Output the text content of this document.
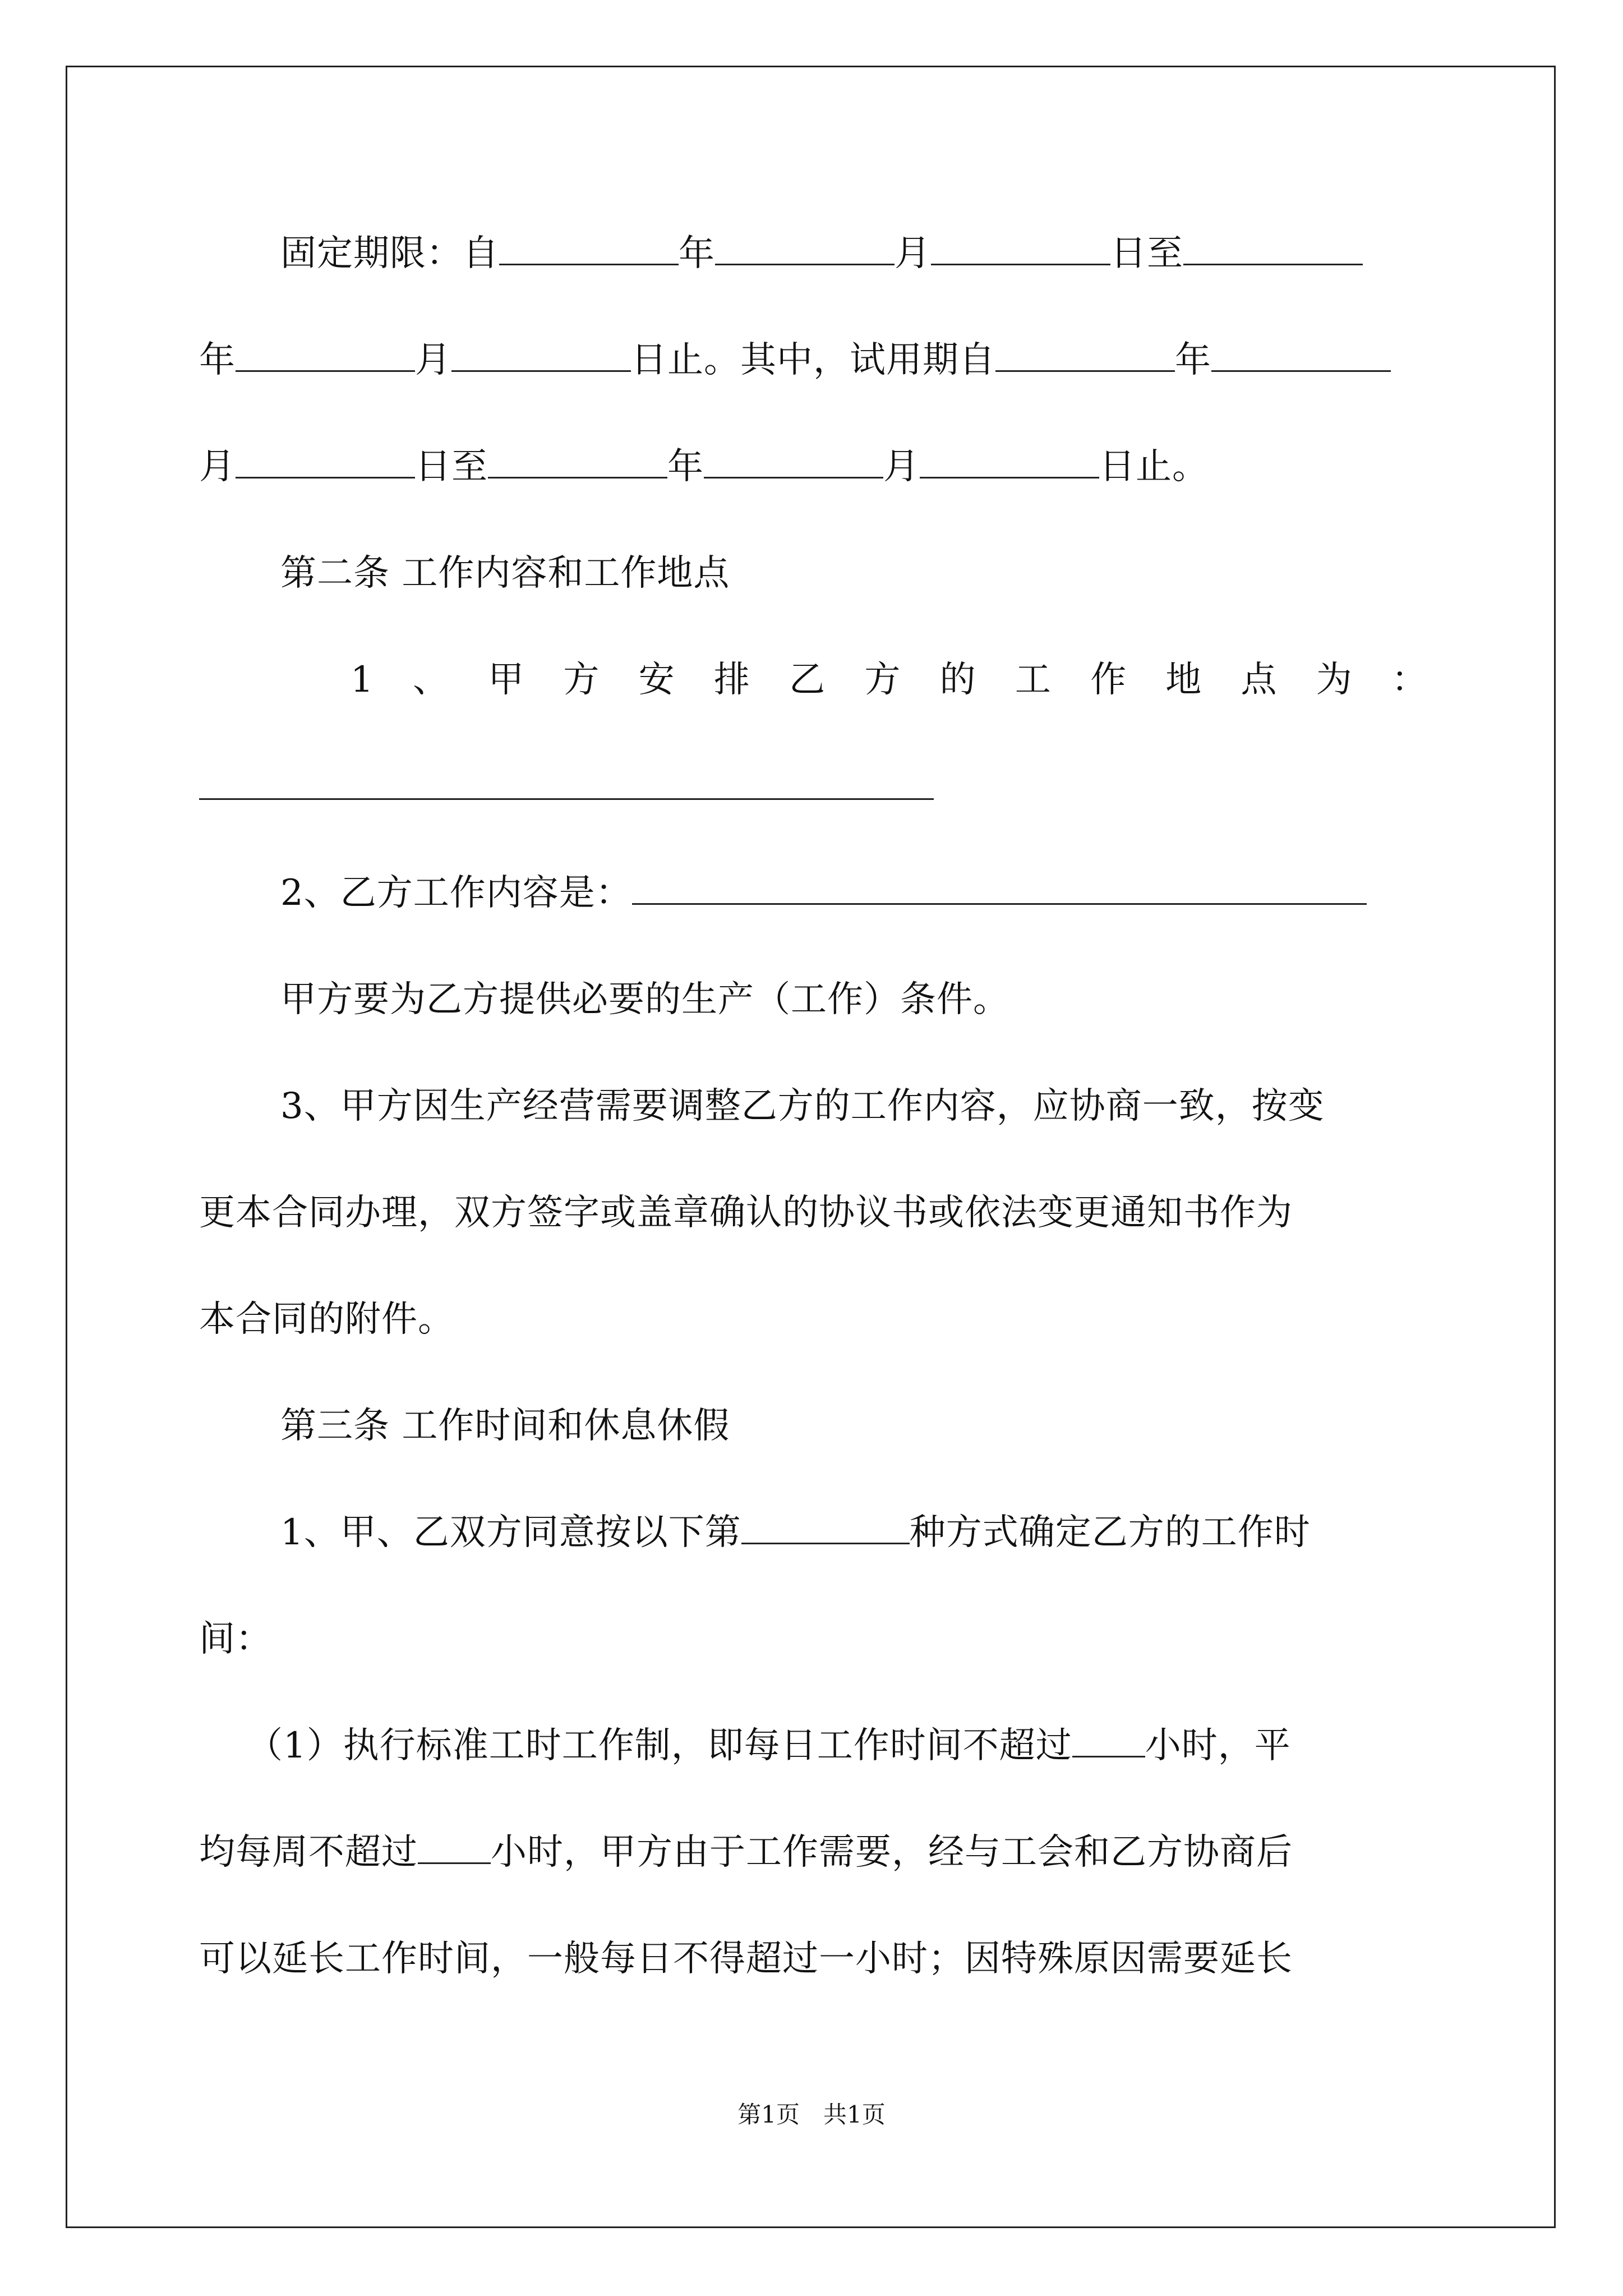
固定期限：自	年	月	日至
年	月	日止。其中，试用期自	年
月	日至	年	月	日止。
第二条 工作内容和工作地点
1 、 甲 方 安 排 乙 方 的 工 作 地 点 为 ：
2、乙方工作内容是：
甲方要为乙方提供必要的生产（工作）条件。
3、甲方因生产经营需要调整乙方的工作内容，应协商一致，按变
更本合同办理，双方签字或盖章确认的协议书或依法变更通知书作为
本合同的附件。
第三条 工作时间和休息休假
1、甲、乙双方同意按以下第	种方式确定乙方的工作时
间：
（1）执行标准工时工作制，即每日工作时间不超过 小时，平
均每周不超过 小时，甲方由于工作需要，经与工会和乙方协商后
可以延长工作时间，一般每日不得超过一小时；因特殊原因需要延长
第1页　共1页
